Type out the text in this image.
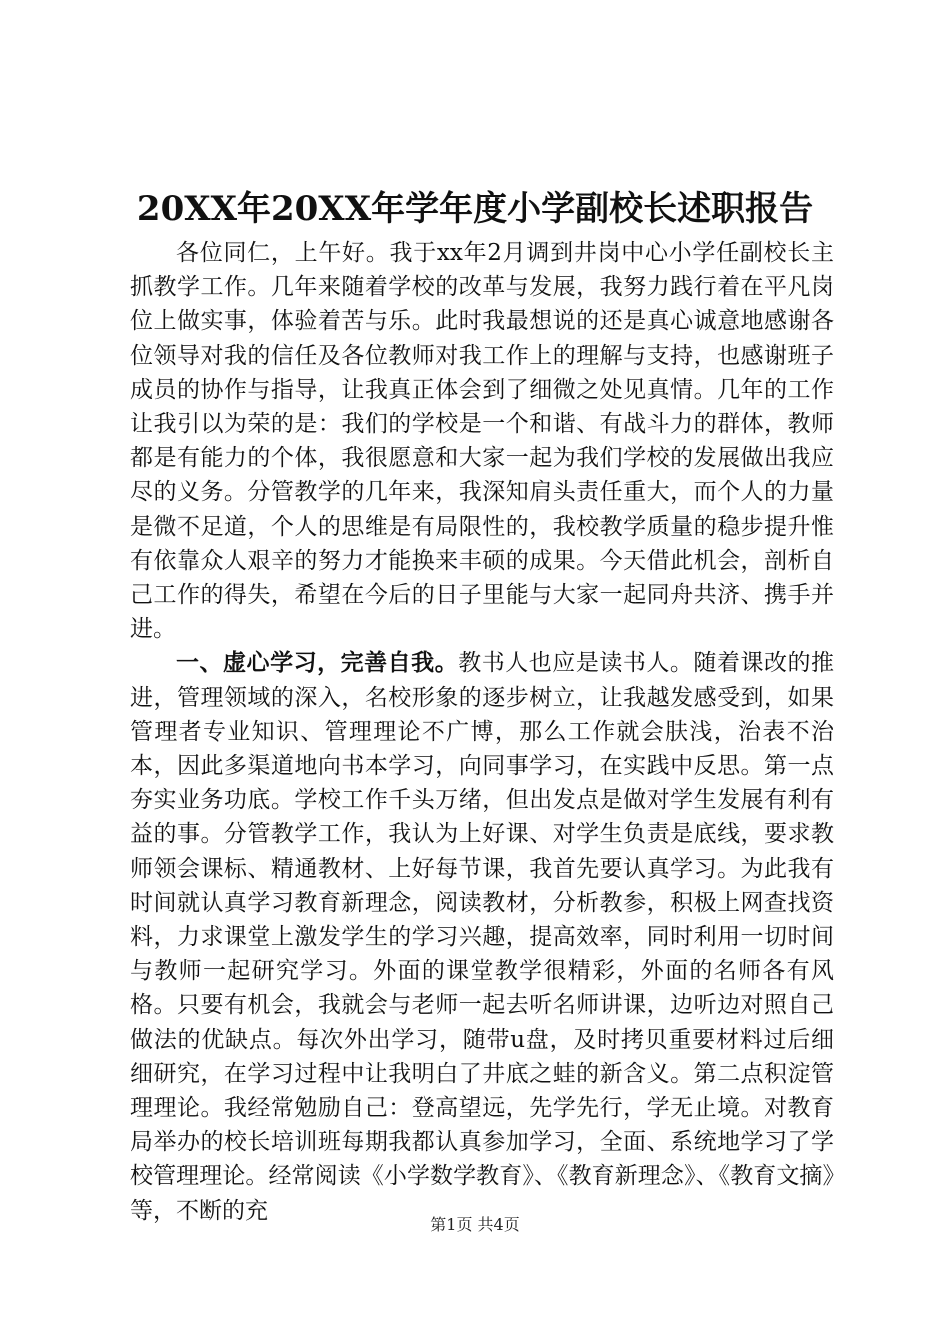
20XX年20XX年学年度小学副校长述职报告

各位同仁，上午好。我于xx年2月调到井岗中心小学任副校长主抓教学工作。几年来随着学校的改革与发展，我努力践行着在平凡岗位上做实事，体验着苦与乐。此时我最想说的还是真心诚意地感谢各位领导对我的信任及各位教师对我工作上的理解与支持，也感谢班子成员的协作与指导，让我真正体会到了细微之处见真情。几年的工作让我引以为荣的是：我们的学校是一个和谐、有战斗力的群体，教师都是有能力的个体，我很愿意和大家一起为我们学校的发展做出我应尽的义务。分管教学的几年来，我深知肩头责任重大，而个人的力量是微不足道，个人的思维是有局限性的，我校教学质量的稳步提升惟有依靠众人艰辛的努力才能换来丰硕的成果。今天借此机会，剖析自己工作的得失，希望在今后的日子里能与大家一起同舟共济、携手并进。

一、虚心学习，完善自我。教书人也应是读书人。随着课改的推进，管理领域的深入，名校形象的逐步树立，让我越发感受到，如果管理者专业知识、管理理论不广博，那么工作就会肤浅，治表不治本，因此多渠道地向书本学习，向同事学习，在实践中反思。第一点夯实业务功底。学校工作千头万绪，但出发点是做对学生发展有利有益的事。分管教学工作，我认为上好课、对学生负责是底线，要求教师领会课标、精通教材、上好每节课，我首先要认真学习。为此我有时间就认真学习教育新理念，阅读教材，分析教参，积极上网查找资料，力求课堂上激发学生的学习兴趣，提高效率，同时利用一切时间与教师一起研究学习。外面的课堂教学很精彩，外面的名师各有风格。只要有机会，我就会与老师一起去听名师讲课，边听边对照自己做法的优缺点。每次外出学习，随带u盘，及时拷贝重要材料过后细细研究，在学习过程中让我明白了井底之蛙的新含义。第二点积淀管理理论。我经常勉励自己：登高望远，先学先行，学无止境。对教育局举办的校长培训班每期我都认真参加学习，全面、系统地学习了学校管理理论。经常阅读《小学数学教育》、《教育新理念》、《教育文摘》等，不断的充

第1页 共4页
